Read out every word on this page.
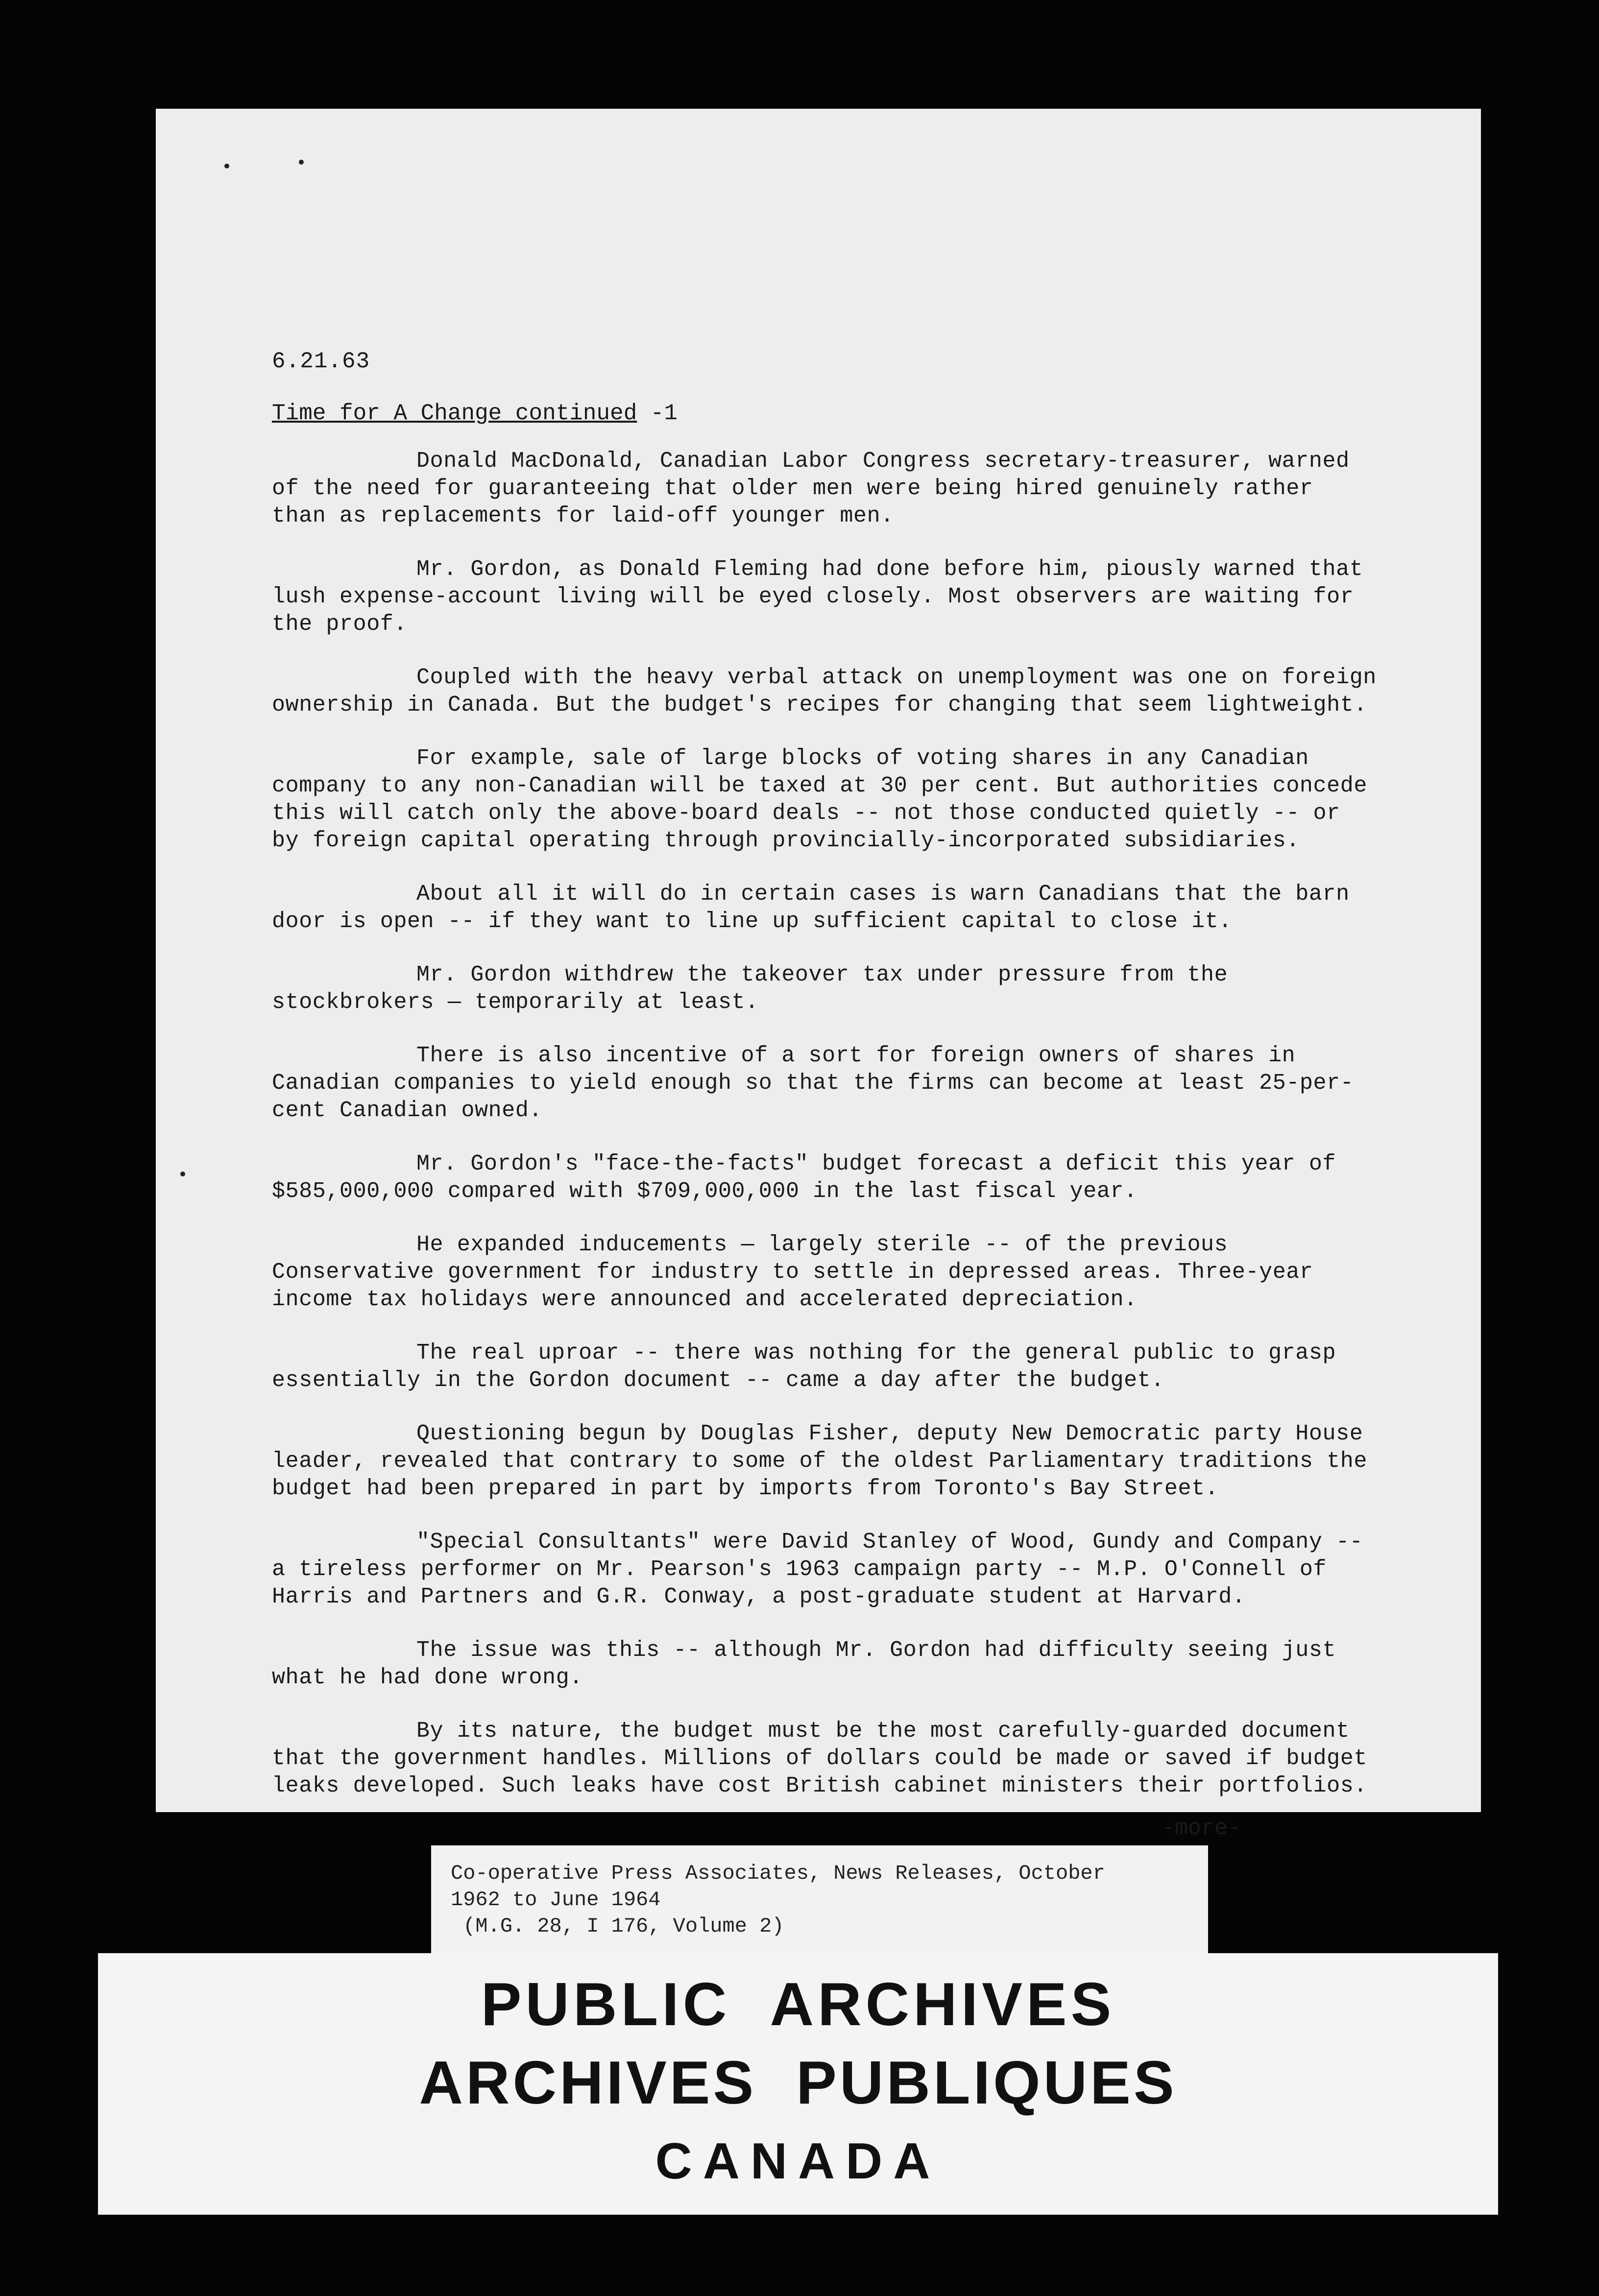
6.21.63
Time for A Change continued -1

Donald MacDonald, Canadian Labor Congress secretary-treasurer, warned of the need for guaranteeing that older men were being hired genuinely rather than as replacements for laid-off younger men.

Mr. Gordon, as Donald Fleming had done before him, piously warned that lush expense-account living will be eyed closely. Most observers are waiting for the proof.

Coupled with the heavy verbal attack on unemployment was one on foreign ownership in Canada. But the budget's recipes for changing that seem lightweight.

For example, sale of large blocks of voting shares in any Canadian company to any non-Canadian will be taxed at 30 per cent. But authorities concede this will catch only the above-board deals -- not those conducted quietly -- or by foreign capital operating through provincially-incorporated subsidiaries.

About all it will do in certain cases is warn Canadians that the barn door is open -- if they want to line up sufficient capital to close it.

Mr. Gordon withdrew the takeover tax under pressure from the stockbrokers — temporarily at least.

There is also incentive of a sort for foreign owners of shares in Canadian companies to yield enough so that the firms can become at least 25-per-cent Canadian owned.

Mr. Gordon's "face-the-facts" budget forecast a deficit this year of $585,000,000 compared with $709,000,000 in the last fiscal year.

He expanded inducements — largely sterile -- of the previous Conservative government for industry to settle in depressed areas. Three-year income tax holidays were announced and accelerated depreciation.

The real uproar -- there was nothing for the general public to grasp essentially in the Gordon document -- came a day after the budget.

Questioning begun by Douglas Fisher, deputy New Democratic party House leader, revealed that contrary to some of the oldest Parliamentary traditions the budget had been prepared in part by imports from Toronto's Bay Street.

"Special Consultants" were David Stanley of Wood, Gundy and Company -- a tireless performer on Mr. Pearson's 1963 campaign party -- M.P. O'Connell of Harris and Partners and G.R. Conway, a post-graduate student at Harvard.

The issue was this -- although Mr. Gordon had difficulty seeing just what he had done wrong.

By its nature, the budget must be the most carefully-guarded document that the government handles. Millions of dollars could be made or saved if budget leaks developed. Such leaks have cost British cabinet ministers their portfolios.

-more-
Co-operative Press Associates, News Releases, October
1962 to June 1964
(M.G. 28, I 176, Volume 2)
PUBLIC  ARCHIVES
ARCHIVES  PUBLIQUES
CANADA
